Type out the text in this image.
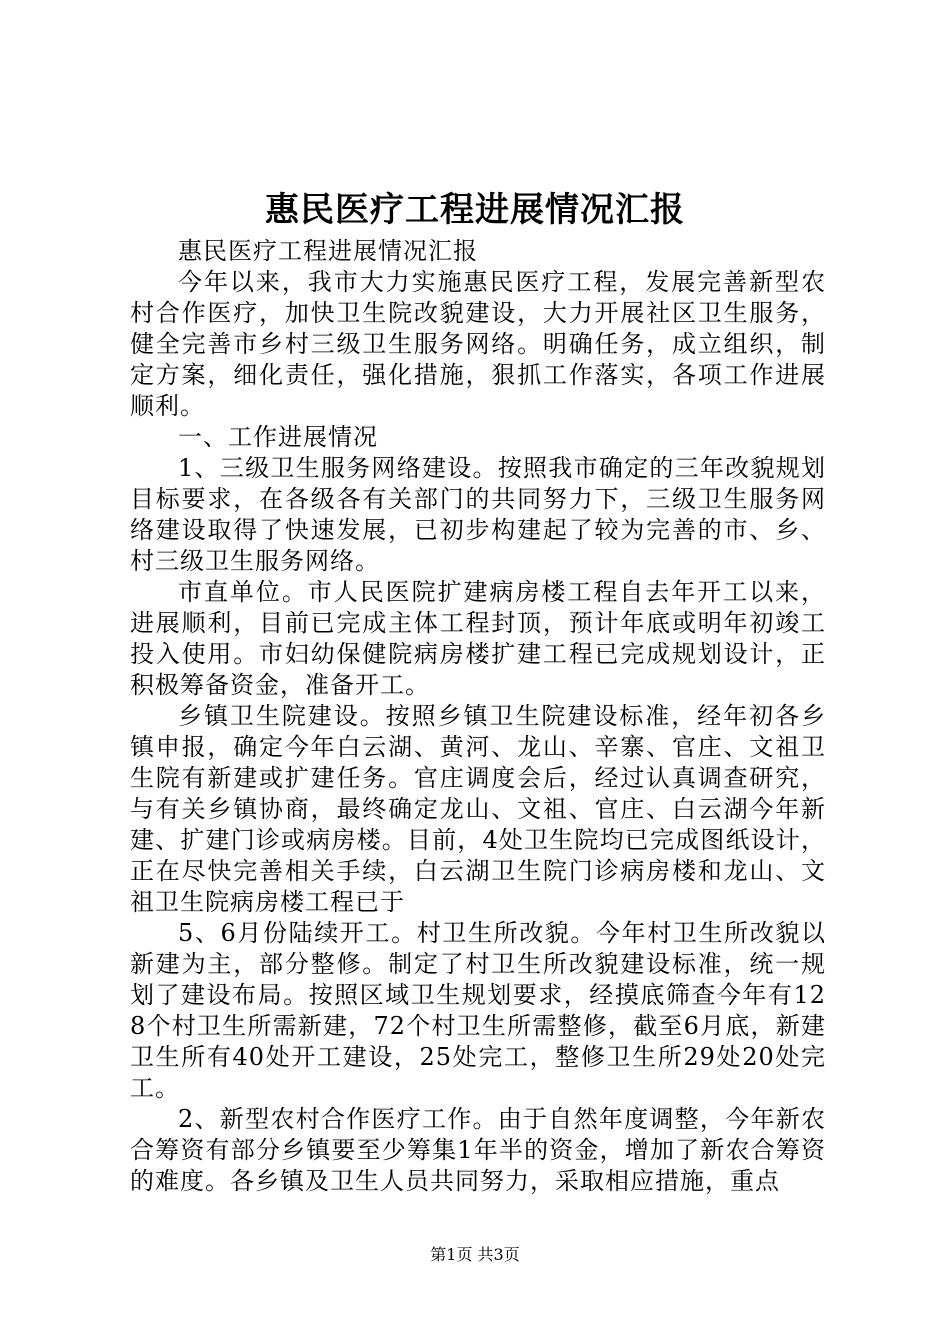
惠民医疗工程进展情况汇报

惠民医疗工程进展情况汇报

今年以来，我市大力实施惠民医疗工程，发展完善新型农村合作医疗，加快卫生院改貌建设，大力开展社区卫生服务，健全完善市乡村三级卫生服务网络。明确任务，成立组织，制定方案，细化责任，强化措施，狠抓工作落实，各项工作进展顺利。

一、工作进展情况

1、三级卫生服务网络建设。按照我市确定的三年改貌规划目标要求，在各级各有关部门的共同努力下，三级卫生服务网络建设取得了快速发展，已初步构建起了较为完善的市、乡、村三级卫生服务网络。

市直单位。市人民医院扩建病房楼工程自去年开工以来，进展顺利，目前已完成主体工程封顶，预计年底或明年初竣工投入使用。市妇幼保健院病房楼扩建工程已完成规划设计，正积极筹备资金，准备开工。

乡镇卫生院建设。按照乡镇卫生院建设标准，经年初各乡镇申报，确定今年白云湖、黄河、龙山、辛寨、官庄、文祖卫生院有新建或扩建任务。官庄调度会后，经过认真调查研究，与有关乡镇协商，最终确定龙山、文祖、官庄、白云湖今年新建、扩建门诊或病房楼。目前，4处卫生院均已完成图纸设计，正在尽快完善相关手续，白云湖卫生院门诊病房楼和龙山、文祖卫生院病房楼工程已于

5、6月份陆续开工。村卫生所改貌。今年村卫生所改貌以新建为主，部分整修。制定了村卫生所改貌建设标准，统一规划了建设布局。按照区域卫生规划要求，经摸底筛查今年有128个村卫生所需新建，72个村卫生所需整修，截至6月底，新建卫生所有40处开工建设，25处完工，整修卫生所29处20处完工。

2、新型农村合作医疗工作。由于自然年度调整，今年新农合筹资有部分乡镇要至少筹集1年半的资金，增加了新农合筹资的难度。各乡镇及卫生人员共同努力，采取相应措施，重点

第1页 共3页
